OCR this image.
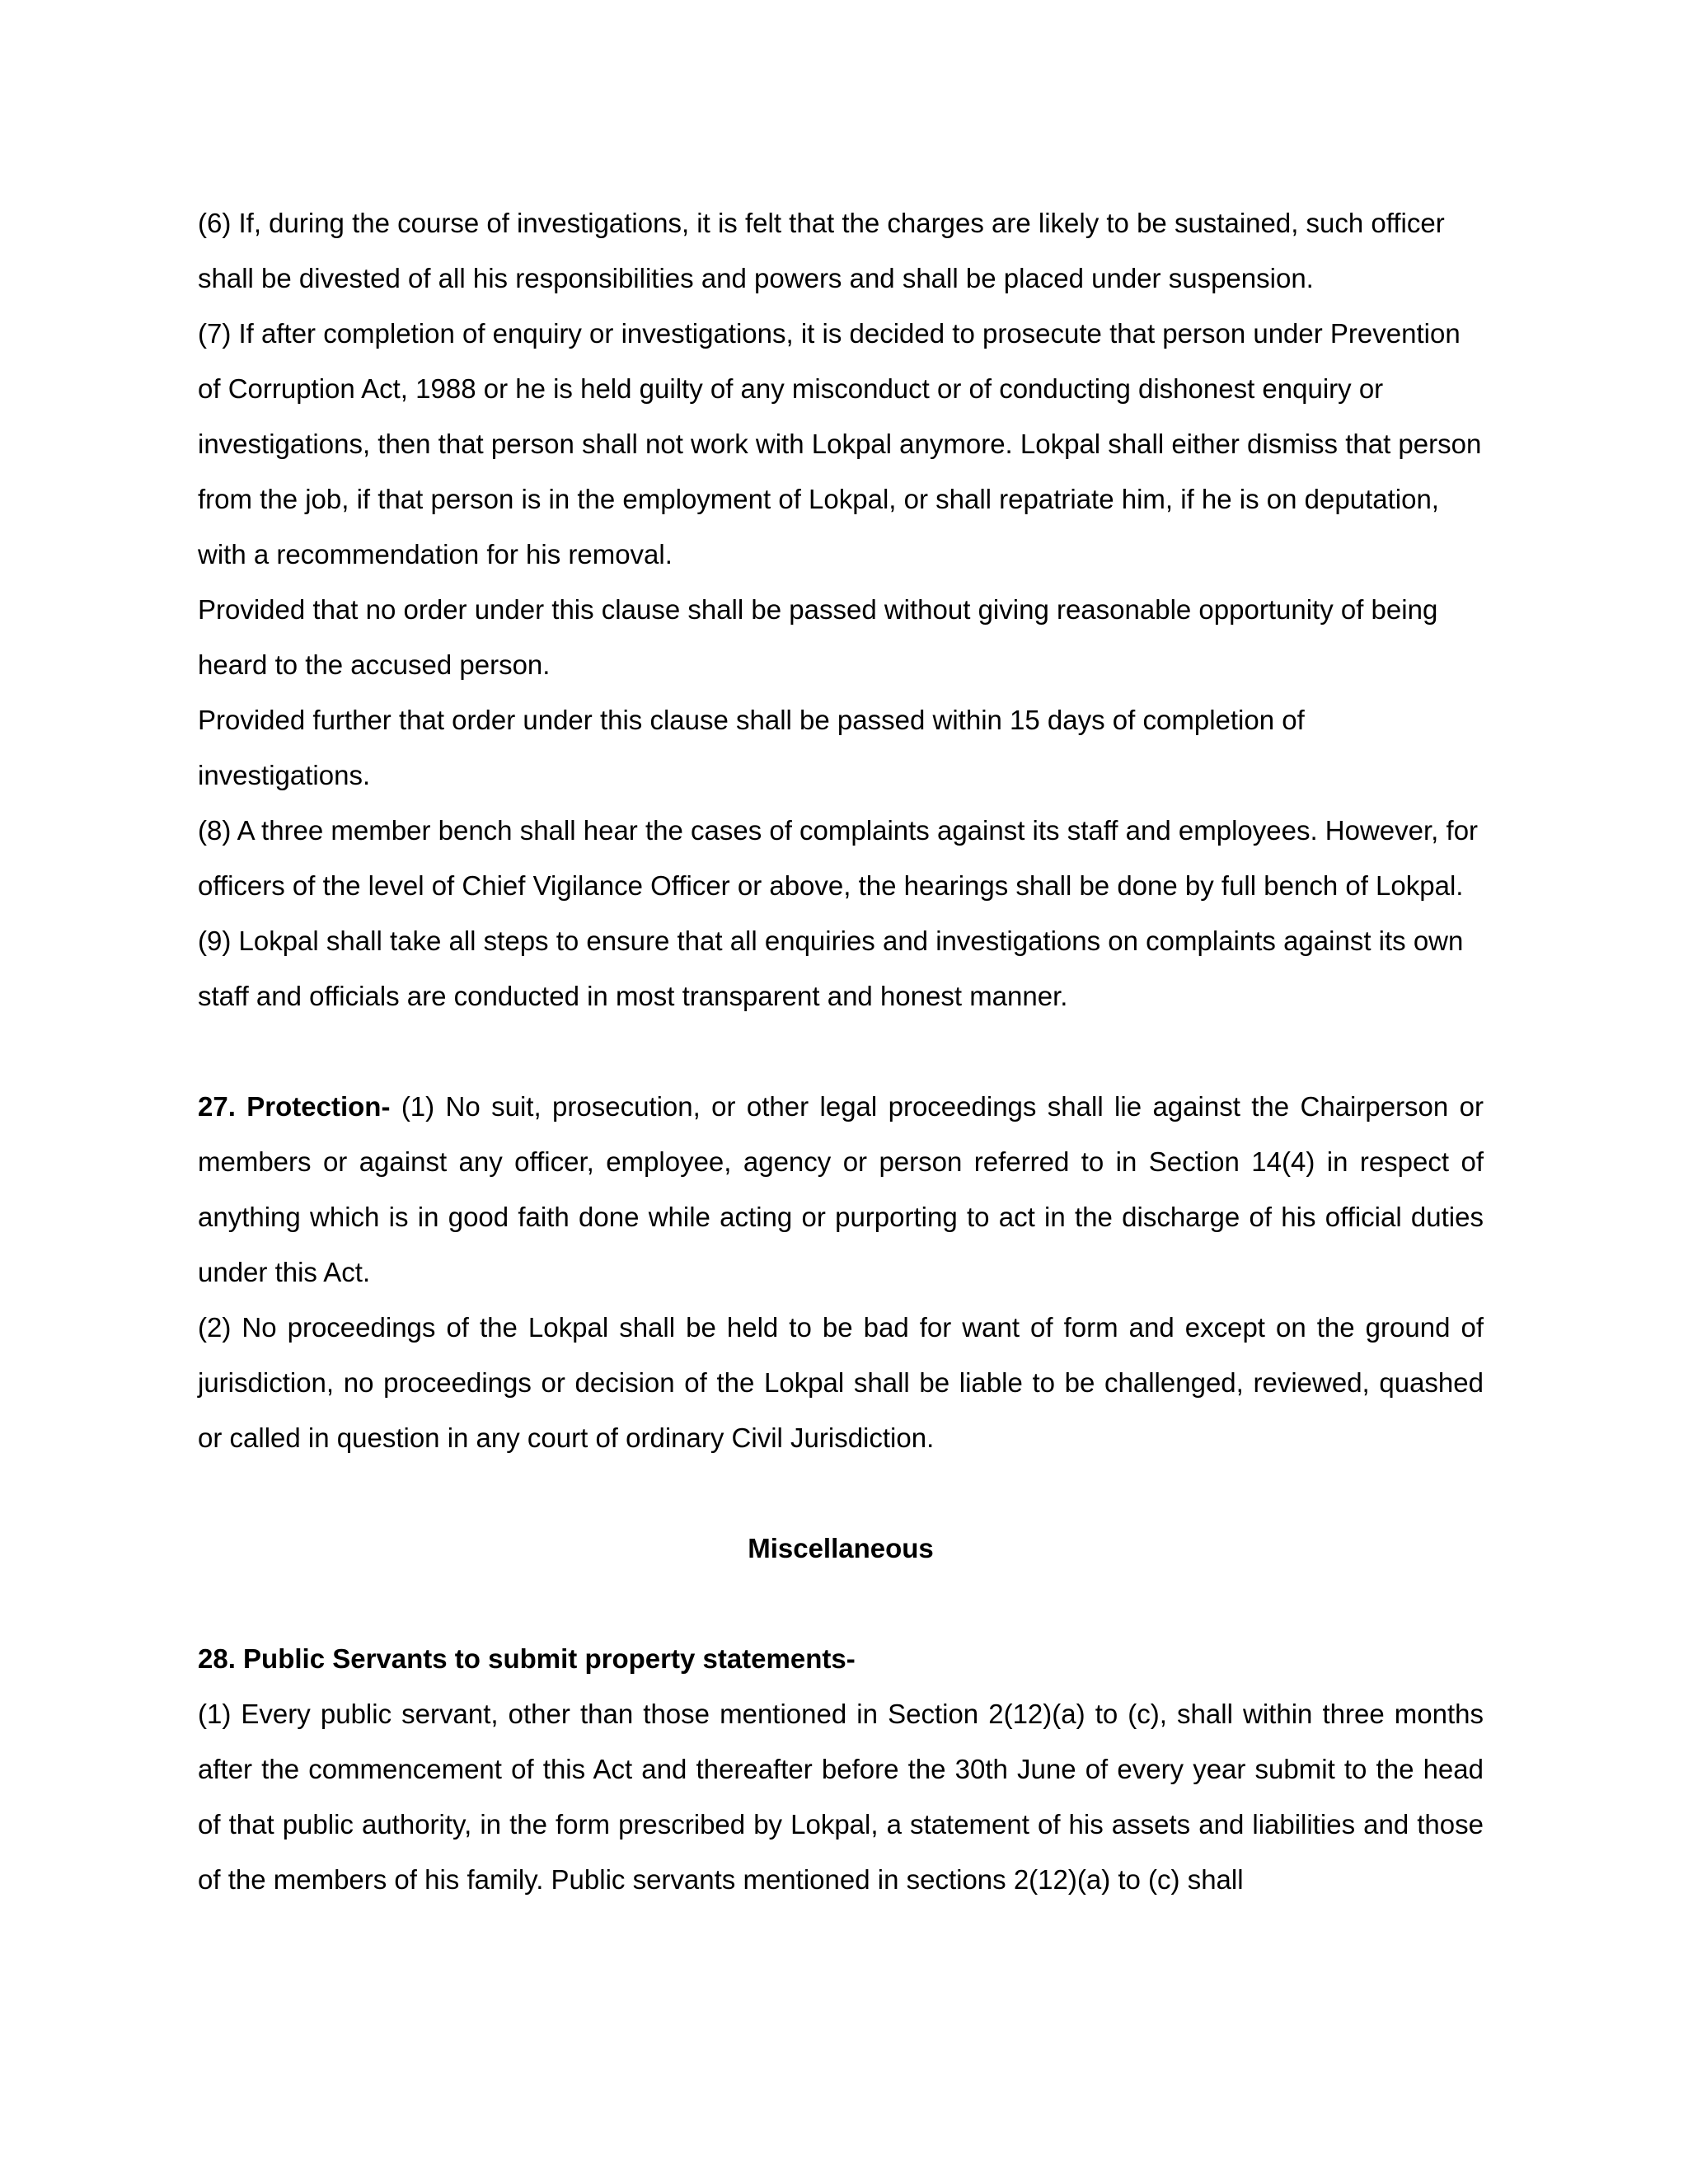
(6) If, during the course of investigations, it is felt that the charges are likely to be sustained, such officer shall be divested of all his responsibilities and powers and shall be placed under suspension.

(7) If after completion of enquiry or investigations, it is decided to prosecute that person under Prevention of Corruption Act, 1988 or he is held guilty of any misconduct or of conducting dishonest enquiry or investigations, then that person shall not work with Lokpal anymore. Lokpal shall either dismiss that person from the job, if that person is in the employment of Lokpal, or shall repatriate him, if he is on deputation, with a recommendation for his removal.

Provided that no order under this clause shall be passed without giving reasonable opportunity of being heard to the accused person.

Provided further that order under this clause shall be passed within 15 days of completion of investigations.

(8) A three member bench shall hear the cases of complaints against its staff and employees. However, for officers of the level of Chief Vigilance Officer or above, the hearings shall be done by full bench of Lokpal.

(9) Lokpal shall take all steps to ensure that all enquiries and investigations on complaints against its own staff and officials are conducted in most transparent and honest manner.

27. Protection- (1) No suit, prosecution, or other legal proceedings shall lie against the Chairperson or members or against any officer, employee, agency or person referred to in Section 14(4) in respect of anything which is in good faith done while acting or purporting to act in the discharge of his official duties under this Act.

(2) No proceedings of the Lokpal shall be held to be bad for want of form and except on the ground of jurisdiction, no proceedings or decision of the Lokpal shall be liable to be challenged, reviewed, quashed or called in question in any court of ordinary Civil Jurisdiction.

Miscellaneous

28. Public Servants to submit property statements-

(1) Every public servant, other than those mentioned in Section 2(12)(a) to (c), shall within three months after the commencement of this Act and thereafter before the 30th June of every year submit to the head of that public authority, in the form prescribed by Lokpal, a statement of his assets and liabilities and those of the members of his family. Public servants mentioned in sections 2(12)(a) to (c) shall
